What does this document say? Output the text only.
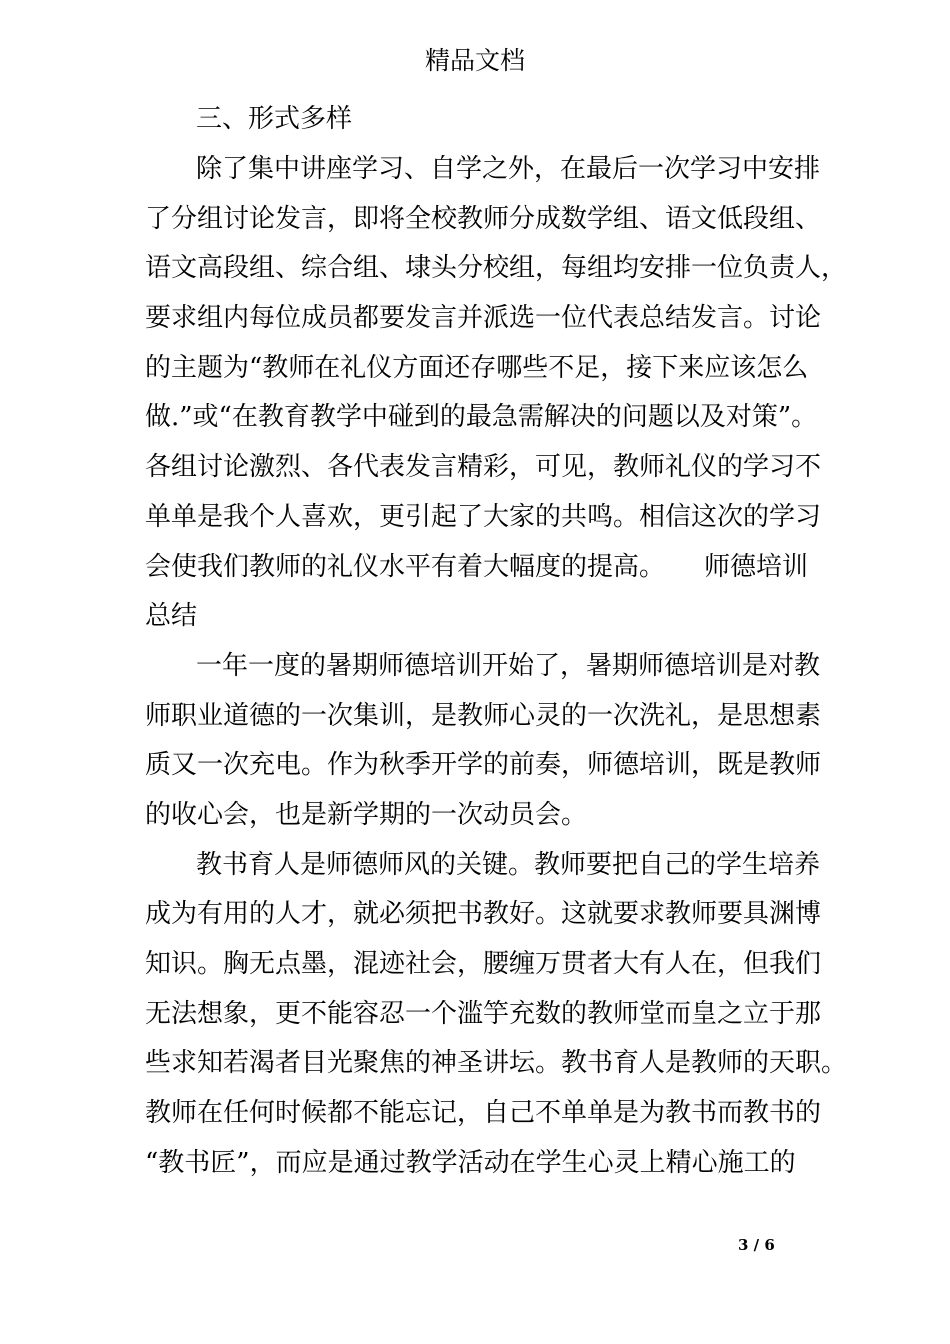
精品文档
三、形式多样
除了集中讲座学习、自学之外，在最后一次学习中安排
了分组讨论发言，即将全校教师分成数学组、语文低段组、
语文高段组、综合组、埭头分校组，每组均安排一位负责人，
要求组内每位成员都要发言并派选一位代表总结发言。讨论
的主题为“教师在礼仪方面还存哪些不足，接下来应该怎么
做.”或“在教育教学中碰到的最急需解决的问题以及对策”。
各组讨论激烈、各代表发言精彩，可见，教师礼仪的学习不
单单是我个人喜欢，更引起了大家的共鸣。相信这次的学习
会使我们教师的礼仪水平有着大幅度的提高。　　师德培训
总结
一年一度的暑期师德培训开始了，暑期师德培训是对教
师职业道德的一次集训，是教师心灵的一次洗礼，是思想素
质又一次充电。作为秋季开学的前奏，师德培训，既是教师
的收心会，也是新学期的一次动员会。
教书育人是师德师风的关键。教师要把自己的学生培养
成为有用的人才，就必须把书教好。这就要求教师要具渊博
知识。胸无点墨，混迹社会，腰缠万贯者大有人在，但我们
无法想象，更不能容忍一个滥竽充数的教师堂而皇之立于那
些求知若渴者目光聚焦的神圣讲坛。教书育人是教师的天职。
教师在任何时候都不能忘记，自己不单单是为教书而教书的
“教书匠”，而应是通过教学活动在学生心灵上精心施工的
3 / 6
